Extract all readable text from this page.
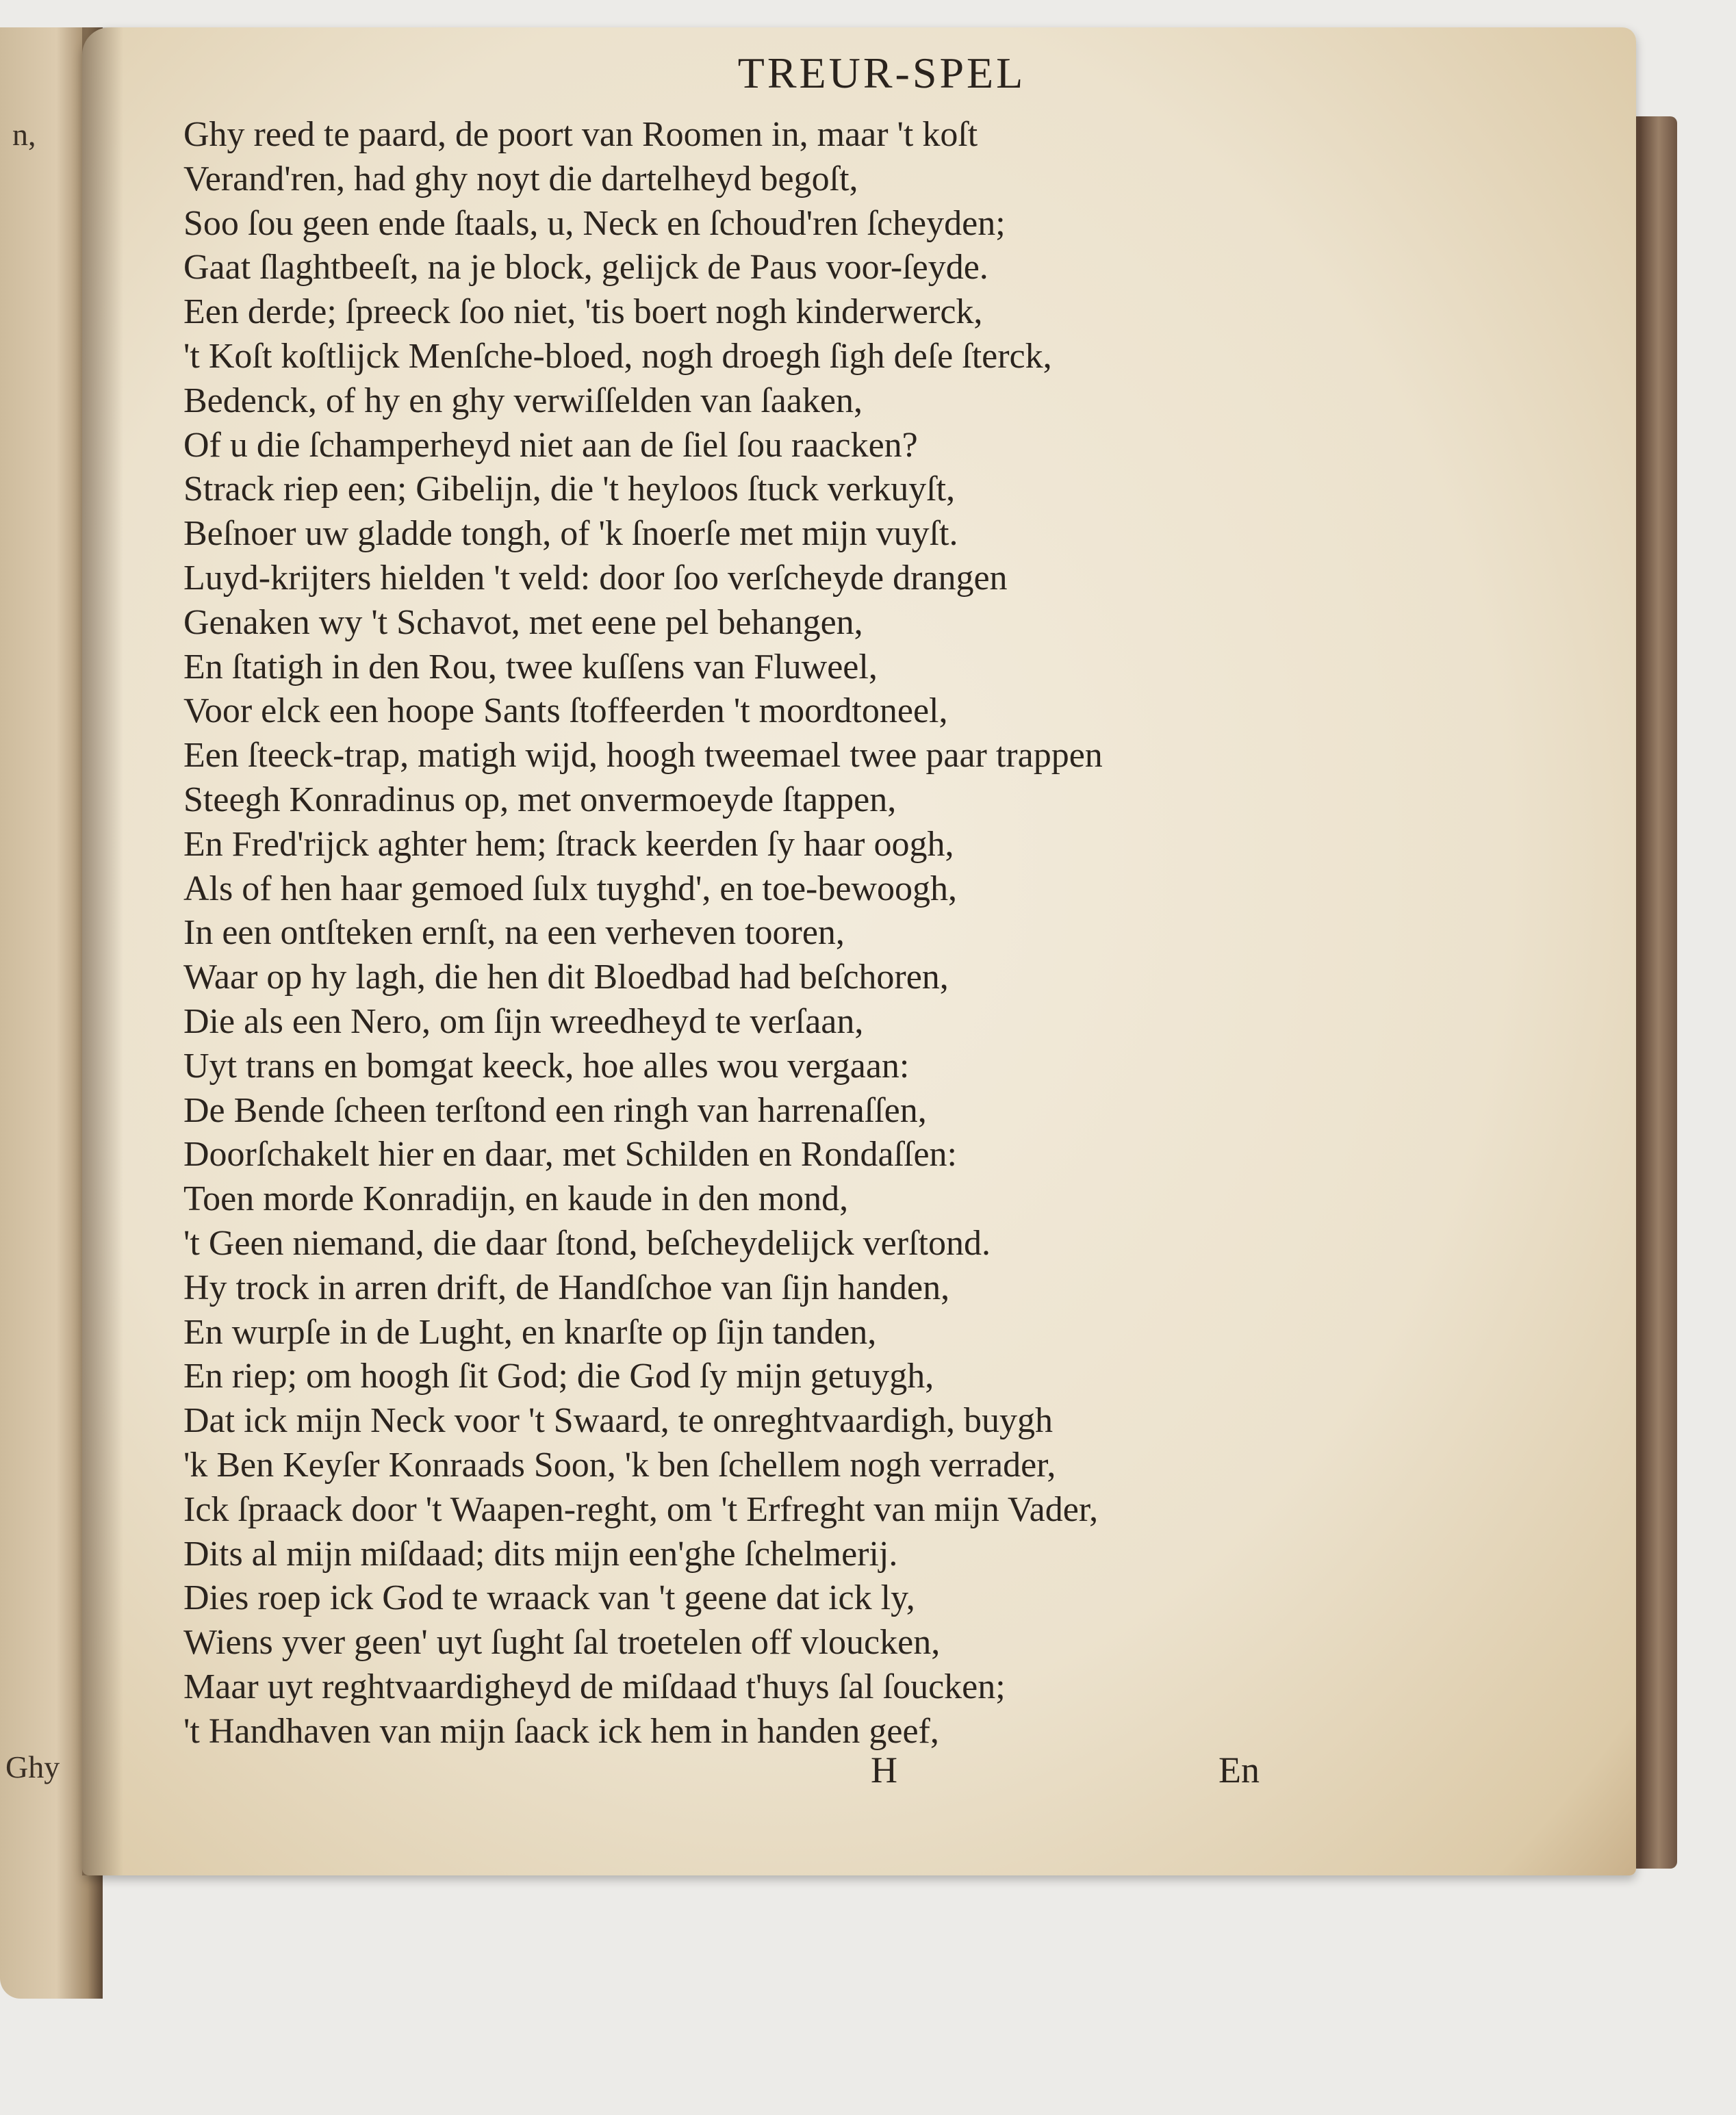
n,
Ghy
TREUR-SPEL
Ghy reed te paard, de poort van Roomen in, maar 't koſt
Verand'ren, had ghy noyt die dartelheyd begoſt,
Soo ſou geen ende ſtaals, u, Neck en ſchoud'ren ſcheyden;
Gaat ſlaghtbeeſt, na je block, gelijck de Paus voor-ſeyde.
Een derde; ſpreeck ſoo niet, 'tis boert nogh kinderwerck,
't Koſt koſtlijck Menſche-bloed, nogh droegh ſigh deſe ſterck,
Bedenck, of hy en ghy verwiſſelden van ſaaken,
Of u die ſchamperheyd niet aan de ſiel ſou raacken?
Strack riep een; Gibelijn, die 't heyloos ſtuck verkuyſt,
Beſnoer uw gladde tongh, of 'k ſnoerſe met mijn vuyſt.
Luyd-krijters hielden 't veld: door ſoo verſcheyde drangen
Genaken wy 't Schavot, met eene pel behangen,
En ſtatigh in den Rou, twee kuſſens van Fluweel,
Voor elck een hoope Sants ſtoffeerden 't moordtoneel,
Een ſteeck-trap, matigh wijd, hoogh tweemael twee paar trappen
Steegh Konradinus op, met onvermoeyde ſtappen,
En Fred'rijck aghter hem; ſtrack keerden ſy haar oogh,
Als of hen haar gemoed ſulx tuyghd', en toe-bewoogh,
In een ontſteken ernſt, na een verheven tooren,
Waar op hy lagh, die hen dit Bloedbad had beſchoren,
Die als een Nero, om ſijn wreedheyd te verſaan,
Uyt trans en bomgat keeck, hoe alles wou vergaan:
De Bende ſcheen terſtond een ringh van harrenaſſen,
Doorſchakelt hier en daar, met Schilden en Rondaſſen:
Toen morde Konradijn, en kaude in den mond,
't Geen niemand, die daar ſtond, beſcheydelijck verſtond.
Hy trock in arren drift, de Handſchoe van ſijn handen,
En wurpſe in de Lught, en knarſte op ſijn tanden,
En riep; om hoogh ſit God; die God ſy mijn getuygh,
Dat ick mijn Neck voor 't Swaard, te onreghtvaardigh, buygh
'k Ben Keyſer Konraads Soon, 'k ben ſchellem nogh verrader,
Ick ſpraack door 't Waapen-reght, om 't Erfreght van mijn Vader,
Dits al mijn miſdaad; dits mijn een'ghe ſchelmerij.
Dies roep ick God te wraack van 't geene dat ick ly,
Wiens yver geen' uyt ſught ſal troetelen off vloucken,
Maar uyt reghtvaardigheyd de miſdaad t'huys ſal ſoucken;
't Handhaven van mijn ſaack ick hem in handen geef,
H	En
